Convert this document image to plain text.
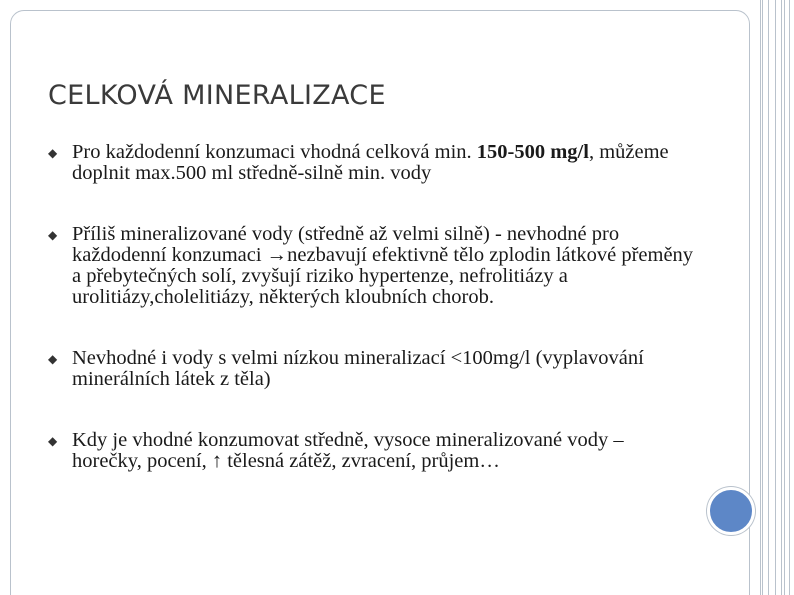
CELKOVÁ MINERALIZACE
◆ Pro každodenní konzumaci vhodná celková min. 150-500 mg/l, můžeme doplnit max.500 ml středně-silně min. vody
◆ Příliš mineralizované vody (středně až velmi silně) - nevhodné pro každodenní konzumaci →nezbavují efektivně tělo zplodin látkové přeměny a přebytečných solí, zvyšují riziko hypertenze, nefrolitiázy a urolitiázy,cholelitiázy, některých kloubních chorob.
◆ Nevhodné i vody s velmi nízkou mineralizací <100mg/l (vyplavování minerálních látek z těla)
◆ Kdy je vhodné konzumovat středně, vysoce mineralizované vody – horečky, pocení, ↑ tělesná zátěž, zvracení, průjem…
